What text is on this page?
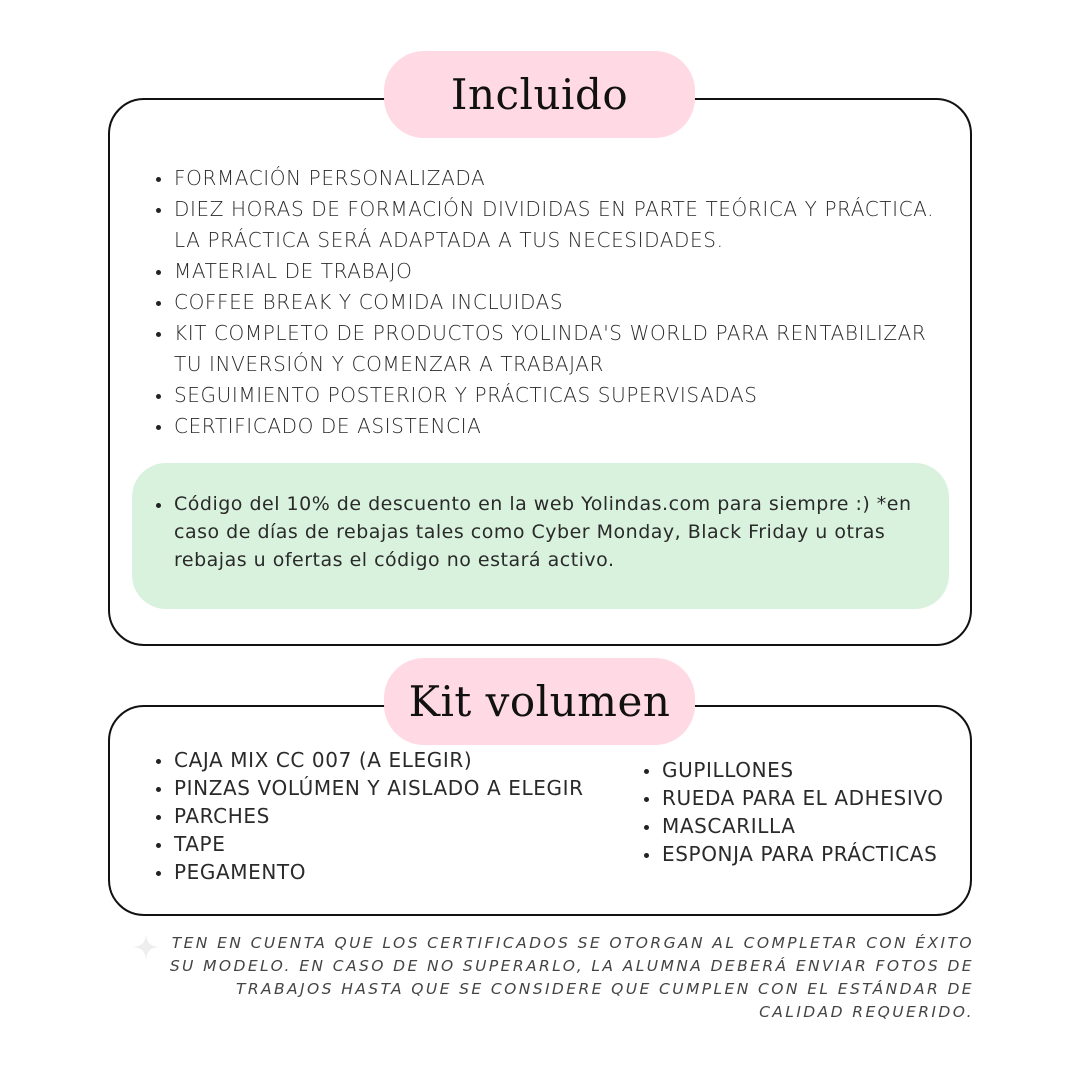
Incluido
FORMACIÓN PERSONALIZADA
DIEZ HORAS DE FORMACIÓN DIVIDIDAS EN PARTE TEÓRICA Y PRÁCTICA. LA PRÁCTICA SERÁ ADAPTADA A TUS NECESIDADES.
MATERIAL DE TRABAJO
COFFEE BREAK Y COMIDA INCLUIDAS
KIT COMPLETO DE PRODUCTOS YOLINDA'S WORLD PARA RENTABILIZAR TU INVERSIÓN Y COMENZAR A TRABAJAR
SEGUIMIENTO POSTERIOR Y PRÁCTICAS SUPERVISADAS
CERTIFICADO DE ASISTENCIA
Código del 10% de descuento en la web Yolindas.com para siempre :) *en caso de días de rebajas tales como Cyber Monday, Black Friday u otras rebajas u ofertas el código no estará activo.
Kit volumen
CAJA MIX CC 007 (A ELEGIR)
PINZAS VOLÚMEN Y AISLADO A ELEGIR
PARCHES
TAPE
PEGAMENTO
GUPILLONES
RUEDA PARA EL ADHESIVO
MASCARILLA
ESPONJA PARA PRÁCTICAS
TEN EN CUENTA QUE LOS CERTIFICADOS SE OTORGAN AL COMPLETAR CON ÉXITO SU MODELO. EN CASO DE NO SUPERARLO, LA ALUMNA DEBERÁ ENVIAR FOTOS DE TRABAJOS HASTA QUE SE CONSIDERE QUE CUMPLEN CON EL ESTÁNDAR DE CALIDAD REQUERIDO.
